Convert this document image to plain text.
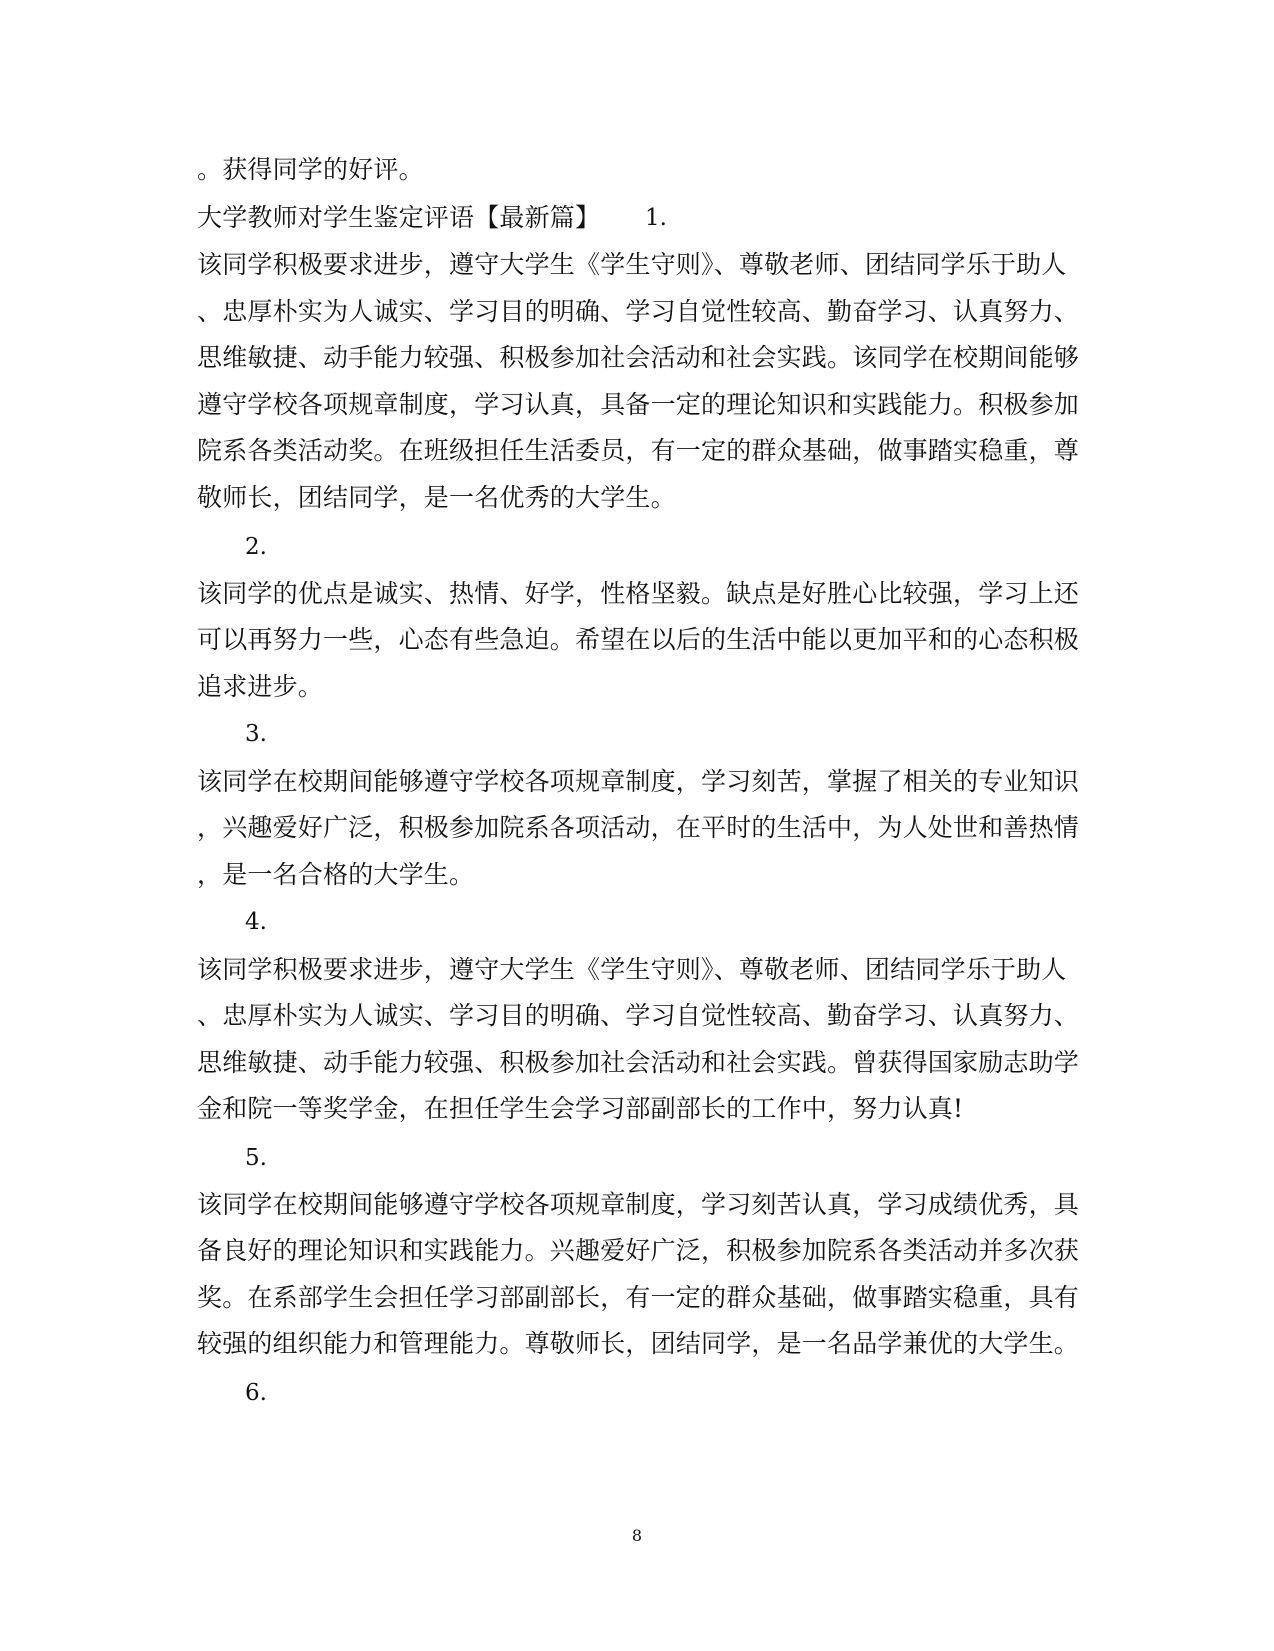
。获得同学的好评。
大学教师对学生鉴定评语【最新篇】	1.
该同学积极要求进步，遵守大学生《学生守则》、尊敬老师、团结同学乐于助人
、忠厚朴实为人诚实、学习目的明确、学习自觉性较高、勤奋学习、认真努力、
思维敏捷、动手能力较强、积极参加社会活动和社会实践。该同学在校期间能够
遵守学校各项规章制度，学习认真，具备一定的理论知识和实践能力。积极参加
院系各类活动奖。在班级担任生活委员，有一定的群众基础，做事踏实稳重，尊
敬师长，团结同学，是一名优秀的大学生。
2.
该同学的优点是诚实、热情、好学，性格坚毅。缺点是好胜心比较强，学习上还
可以再努力一些，心态有些急迫。希望在以后的生活中能以更加平和的心态积极
追求进步。
3.
该同学在校期间能够遵守学校各项规章制度，学习刻苦，掌握了相关的专业知识
，兴趣爱好广泛，积极参加院系各项活动，在平时的生活中，为人处世和善热情
，是一名合格的大学生。
4.
该同学积极要求进步，遵守大学生《学生守则》、尊敬老师、团结同学乐于助人
、忠厚朴实为人诚实、学习目的明确、学习自觉性较高、勤奋学习、认真努力、
思维敏捷、动手能力较强、积极参加社会活动和社会实践。曾获得国家励志助学
金和院一等奖学金，在担任学生会学习部副部长的工作中，努力认真!
5.
该同学在校期间能够遵守学校各项规章制度，学习刻苦认真，学习成绩优秀，具
备良好的理论知识和实践能力。兴趣爱好广泛，积极参加院系各类活动并多次获
奖。在系部学生会担任学习部副部长，有一定的群众基础，做事踏实稳重，具有
较强的组织能力和管理能力。尊敬师长，团结同学，是一名品学兼优的大学生。
6.
8
